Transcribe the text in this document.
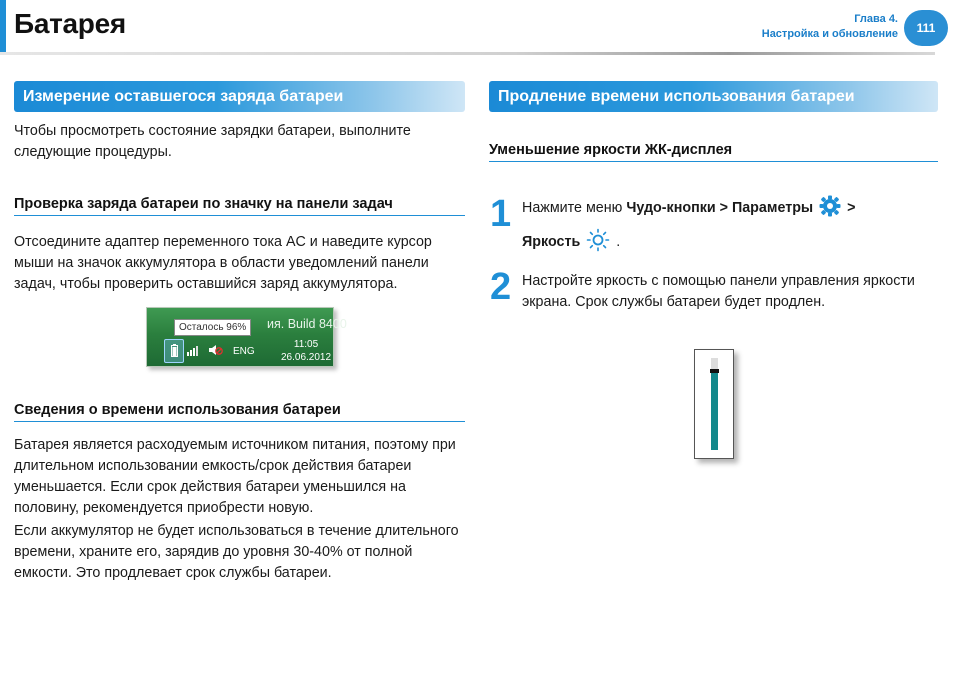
Батарея	Глава 4.
Настройка и обновление	111
Измерение оставшегося заряда батареи
Чтобы просмотреть состояние зарядки батареи, выполните следующие процедуры.
Проверка заряда батареи по значку на панели задач
Отсоедините адаптер переменного тока AC и наведите курсор мыши на значок аккумулятора в области уведомлений панели задач, чтобы проверить оставшийся заряд аккумулятора.
ия. Build 8400
Осталось 96%
ENG
11:05
26.06.2012
Сведения о времени использования батареи
Батарея является расходуемым источником питания, поэтому при длительном использовании емкость/срок действия батареи уменьшается. Если срок действия батареи уменьшился на половину, рекомендуется приобрести новую.
Если аккумулятор не будет использоваться в течение длительного времени, храните его, зарядив до уровня 30-40% от полной емкости. Это продлевает срок службы батареи.
Продление времени использования батареи
Уменьшение яркости ЖК-дисплея
1 Нажмите меню Чудо-кнопки > Параметры  >
Яркость  .
2 Настройте яркость с помощью панели управления яркости экрана. Срок службы батареи будет продлен.
